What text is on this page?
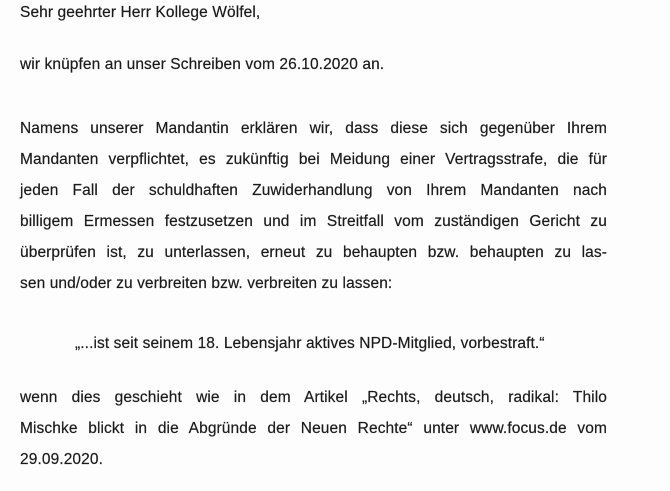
Sehr geehrter Herr Kollege Wölfel,
wir knüpfen an unser Schreiben vom 26.10.2020 an.
Namens unserer Mandantin erklären wir, dass diese sich gegenüber Ihrem
Mandanten verpflichtet, es zukünftig bei Meidung einer Vertragsstrafe, die für
jeden Fall der schuldhaften Zuwiderhandlung von Ihrem Mandanten nach
billigem Ermessen festzusetzen und im Streitfall vom zuständigen Gericht zu
überprüfen ist, zu unterlassen, erneut zu behaupten bzw. behaupten zu las-
sen und/oder zu verbreiten bzw. verbreiten zu lassen:
„...ist seit seinem 18. Lebensjahr aktives NPD-Mitglied, vorbestraft.“
wenn dies geschieht wie in dem Artikel „Rechts, deutsch, radikal: Thilo
Mischke blickt in die Abgründe der Neuen Rechte“ unter www.focus.de vom
29.09.2020.
